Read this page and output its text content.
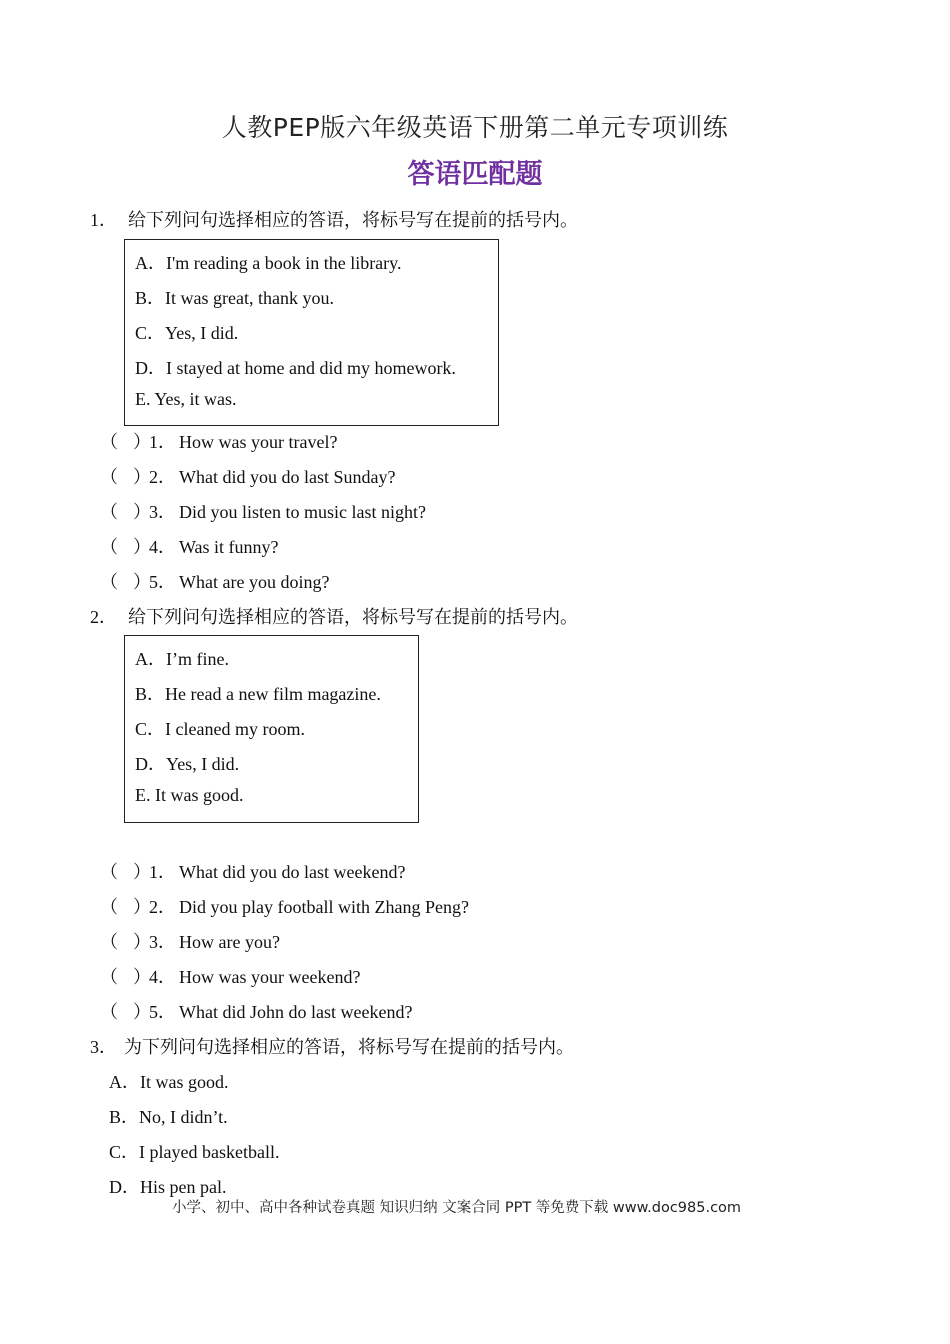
人教PEP版六年级英语下册第二单元专项训练
答语匹配题
1． 给下列问句选择相应的答语，将标号写在提前的括号内。
A．I'm reading a book in the library.
B．It was great, thank you.
C．Yes, I did.
D．I stayed at home and did my homework.
E. Yes, it was.
（ ）1． How was your travel?
（ ）2． What did you do last Sunday?
（ ）3． Did you listen to music last night?
（ ）4． Was it funny?
（ ）5． What are you doing?
2． 给下列问句选择相应的答语，将标号写在提前的括号内。
A．I’m fine.
B．He read a new film magazine.
C．I cleaned my room.
D．Yes, I did.
E. It was good.
（ ）1． What did you do last weekend?
（ ）2． Did you play football with Zhang Peng?
（ ）3． How are you?
（ ）4． How was your weekend?
（ ）5． What did John do last weekend?
3． 为下列问句选择相应的答语，将标号写在提前的括号内。
A．It was good.
B．No, I didn’t.
C．I played basketball.
D．His pen pal.
小学、初中、高中各种试卷真题 知识归纳 文案合同 PPT 等免费下载 www.doc985.com
